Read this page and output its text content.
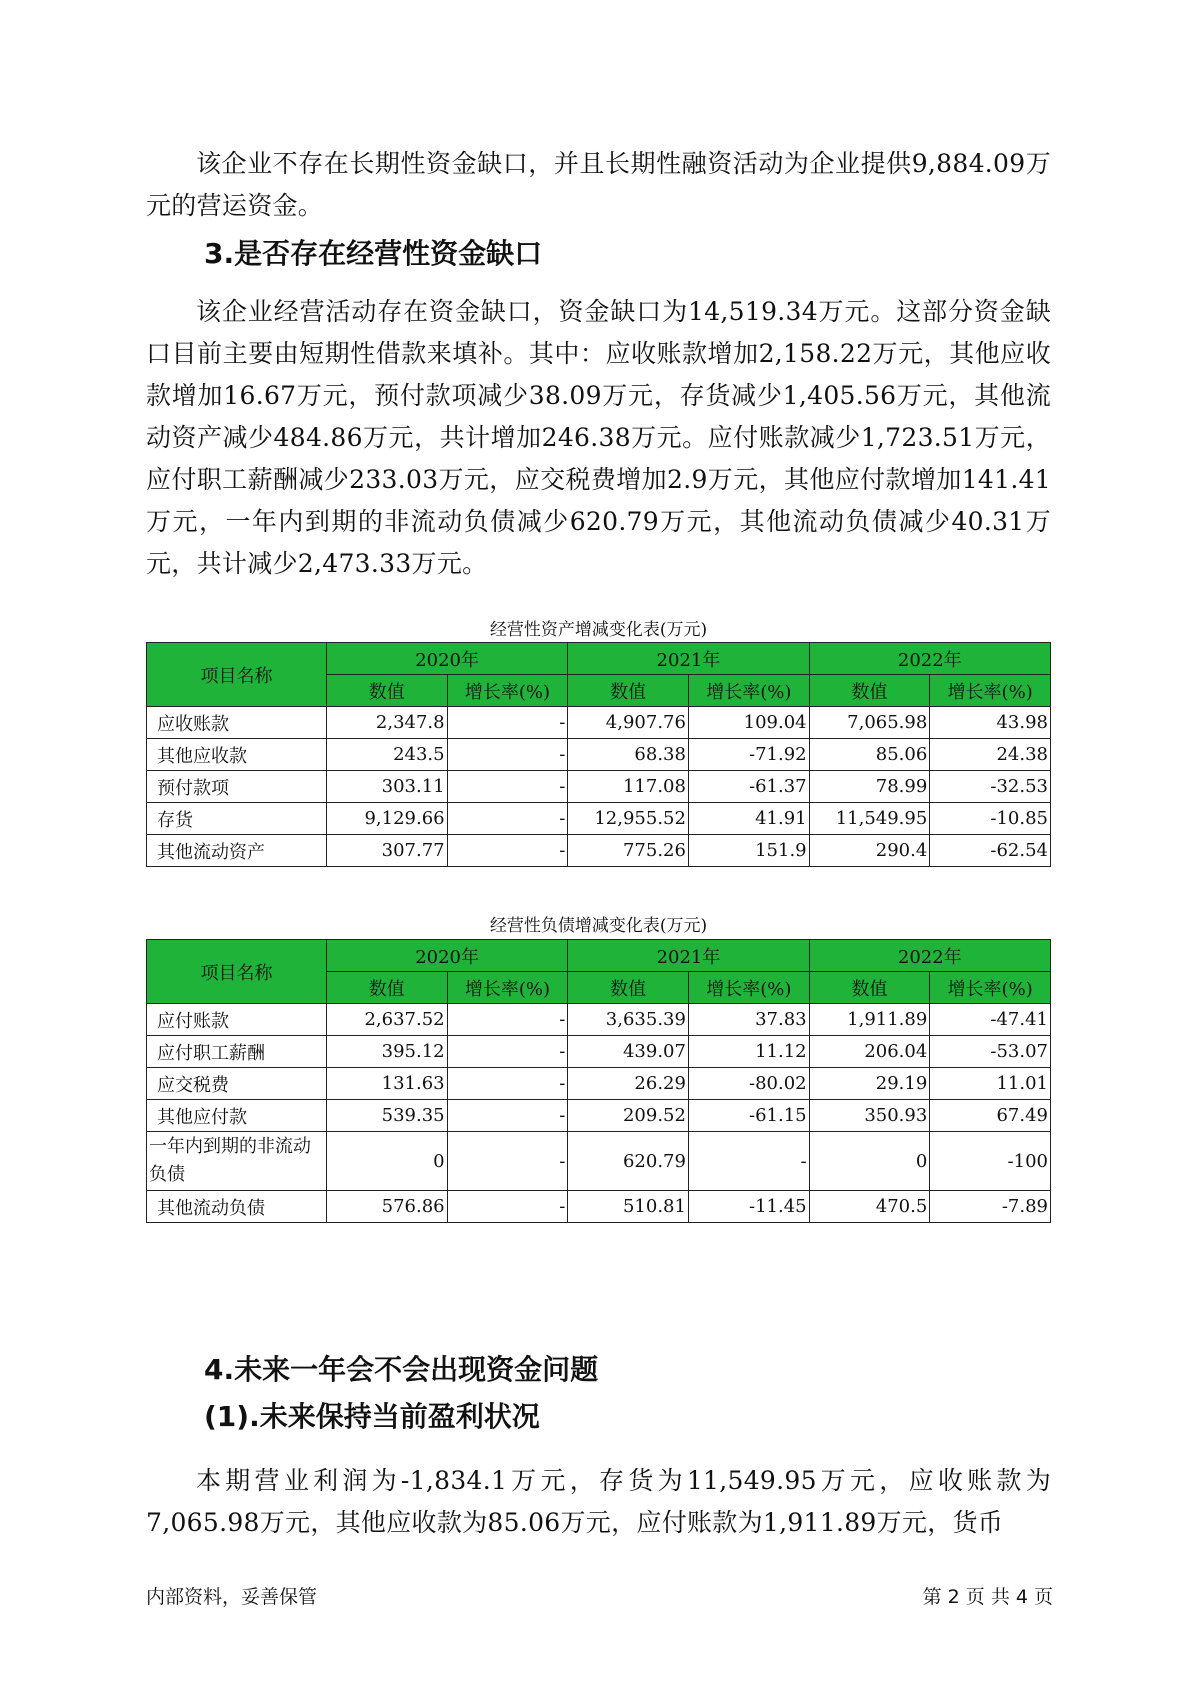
该企业不存在长期性资金缺口，并且长期性融资活动为企业提供9,884.09万元的营运资金。

3.是否存在经营性资金缺口

该企业经营活动存在资金缺口，资金缺口为14,519.34万元。这部分资金缺口目前主要由短期性借款来填补。其中：应收账款增加2,158.22万元，其他应收款增加16.67万元，预付款项减少38.09万元，存货减少1,405.56万元，其他流动资产减少484.86万元，共计增加246.38万元。应付账款减少1,723.51万元，应付职工薪酬减少233.03万元，应交税费增加2.9万元，其他应付款增加141.41万元，一年内到期的非流动负债减少620.79万元，其他流动负债减少40.31万元，共计减少2,473.33万元。

经营性资产增减变化表(万元)

项目名称	2020年		2021年		2022年	
	数值	增长率(%)	数值	增长率(%)	数值	增长率(%)
应收账款	2,347.8	-	4,907.76	109.04	7,065.98	43.98
其他应收款	243.5	-	68.38	-71.92	85.06	24.38
预付款项	303.11	-	117.08	-61.37	78.99	-32.53
存货	9,129.66	-	12,955.52	41.91	11,549.95	-10.85
其他流动资产	307.77	-	775.26	151.9	290.4	-62.54

经营性负债增减变化表(万元)

项目名称	2020年		2021年		2022年	
	数值	增长率(%)	数值	增长率(%)	数值	增长率(%)
应付账款	2,637.52	-	3,635.39	37.83	1,911.89	-47.41
应付职工薪酬	395.12	-	439.07	11.12	206.04	-53.07
应交税费	131.63	-	26.29	-80.02	29.19	11.01
其他应付款	539.35	-	209.52	-61.15	350.93	67.49
一年内到期的非流动负债	0	-	620.79	-	0	-100
其他流动负债	576.86	-	510.81	-11.45	470.5	-7.89
4.未来一年会不会出现资金问题
(1).未来保持当前盈利状况

本期营业利润为-1,834.1万元，存货为11,549.95万元，应收账款为7,065.98万元，其他应收款为85.06万元，应付账款为1,911.89万元，货币

内部资料，妥善保管	第 2 页 共 4 页
